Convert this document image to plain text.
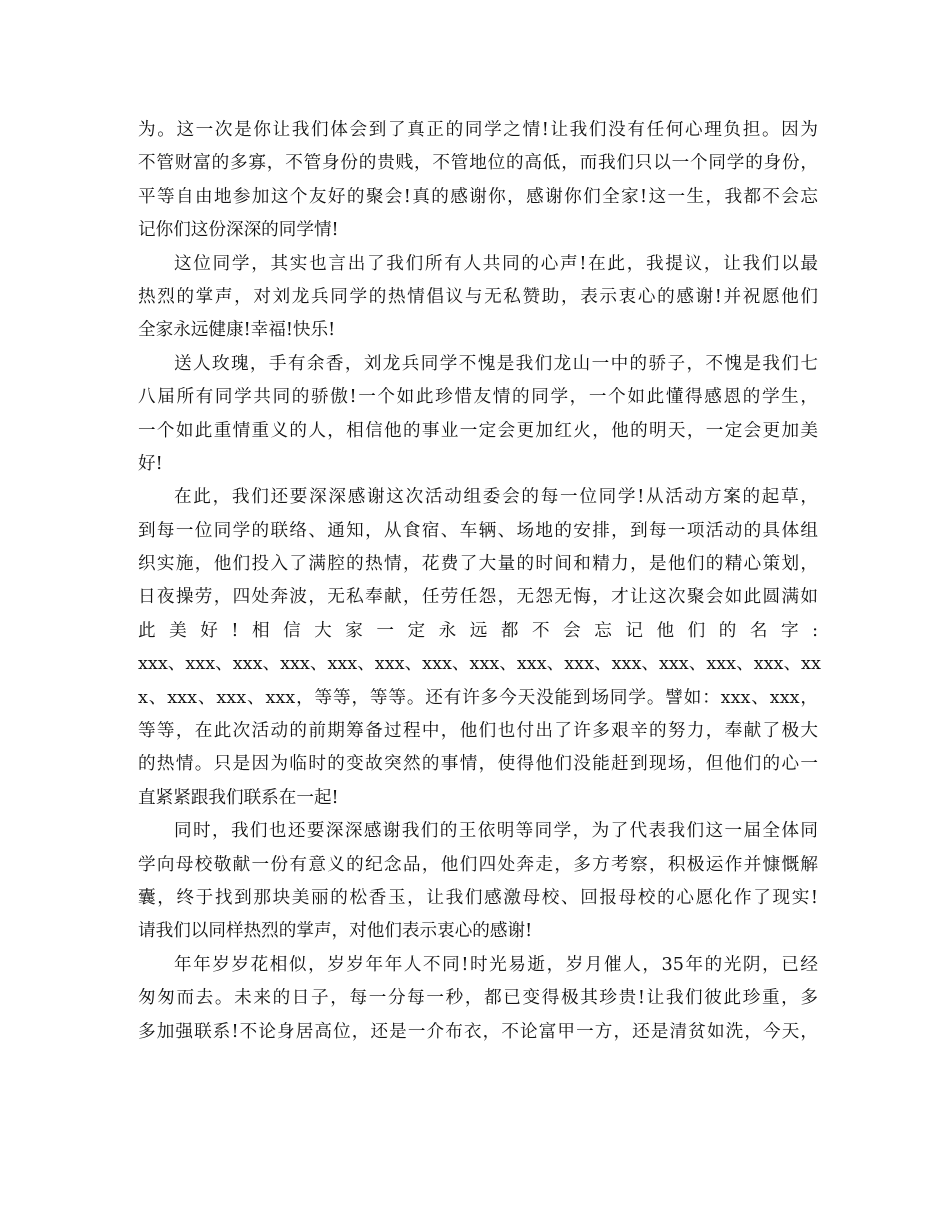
为。这一次是你让我们体会到了真正的同学之情!让我们没有任何心理负担。因为
不管财富的多寡，不管身份的贵贱，不管地位的高低，而我们只以一个同学的身份，
平等自由地参加这个友好的聚会!真的感谢你，感谢你们全家!这一生，我都不会忘
记你们这份深深的同学情!
这位同学，其实也言出了我们所有人共同的心声!在此，我提议，让我们以最
热烈的掌声，对刘龙兵同学的热情倡议与无私赞助，表示衷心的感谢!并祝愿他们
全家永远健康!幸福!快乐!
送人玫瑰，手有余香，刘龙兵同学不愧是我们龙山一中的骄子，不愧是我们七
八届所有同学共同的骄傲!一个如此珍惜友情的同学，一个如此懂得感恩的学生，
一个如此重情重义的人，相信他的事业一定会更加红火，他的明天，一定会更加美
好!
在此，我们还要深深感谢这次活动组委会的每一位同学!从活动方案的起草，
到每一位同学的联络、通知，从食宿、车辆、场地的安排，到每一项活动的具体组
织实施，他们投入了满腔的热情，花费了大量的时间和精力，是他们的精心策划，
日夜操劳，四处奔波，无私奉献，任劳任怨，无怨无悔，才让这次聚会如此圆满如
此美好!相信大家一定永远都不会忘记他们的名字:
xxx、xxx、xxx、xxx、xxx、xxx、xxx、xxx、xxx、xxx、xxx、xxx、xxx、xxx、xx
x、xxx、xxx、xxx，等等，等等。还有许多今天没能到场同学。譬如：xxx、xxx，
等等，在此次活动的前期筹备过程中，他们也付出了许多艰辛的努力，奉献了极大
的热情。只是因为临时的变故突然的事情，使得他们没能赶到现场，但他们的心一
直紧紧跟我们联系在一起!
同时，我们也还要深深感谢我们的王依明等同学，为了代表我们这一届全体同
学向母校敬献一份有意义的纪念品，他们四处奔走，多方考察，积极运作并慷慨解
囊，终于找到那块美丽的松香玉，让我们感激母校、回报母校的心愿化作了现实!
请我们以同样热烈的掌声，对他们表示衷心的感谢!
年年岁岁花相似，岁岁年年人不同!时光易逝，岁月催人，35年的光阴，已经
匆匆而去。未来的日子，每一分每一秒，都已变得极其珍贵!让我们彼此珍重，多
多加强联系!不论身居高位，还是一介布衣，不论富甲一方，还是清贫如洗，今天，
